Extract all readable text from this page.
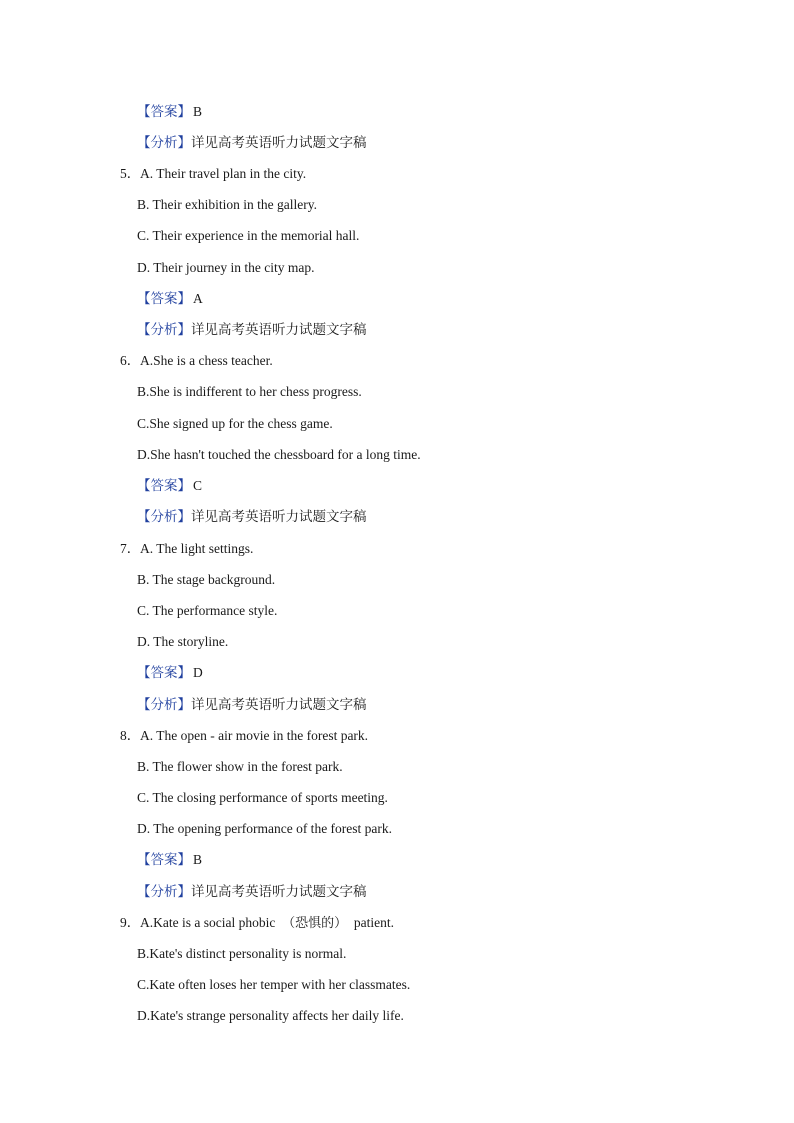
【答案】 B
【分析】详见高考英语听力试题文字稿
5．A. Their travel plan in the city.
B. Their exhibition in the gallery.
C. Their experience in the memorial hall.
D. Their journey in the city map.
【答案】 A
【分析】详见高考英语听力试题文字稿
6．A.She is a chess teacher.
B.She is indifferent to her chess progress.
C.She signed up for the chess game.
D.She hasn't touched the chessboard for a long time.
【答案】 C
【分析】详见高考英语听力试题文字稿
7．A. The light settings.
B. The stage background.
C. The performance style.
D. The storyline.
【答案】 D
【分析】详见高考英语听力试题文字稿
8．A. The open - air movie in the forest park.
B. The flower show in the forest park.
C. The closing performance of sports meeting.
D. The opening performance of the forest park.
【答案】 B
【分析】详见高考英语听力试题文字稿
9．A.Kate is a social phobic （恐惧的） patient.
B.Kate's distinct personality is normal.
C.Kate often loses her temper with her classmates.
D.Kate's strange personality affects her daily life.
